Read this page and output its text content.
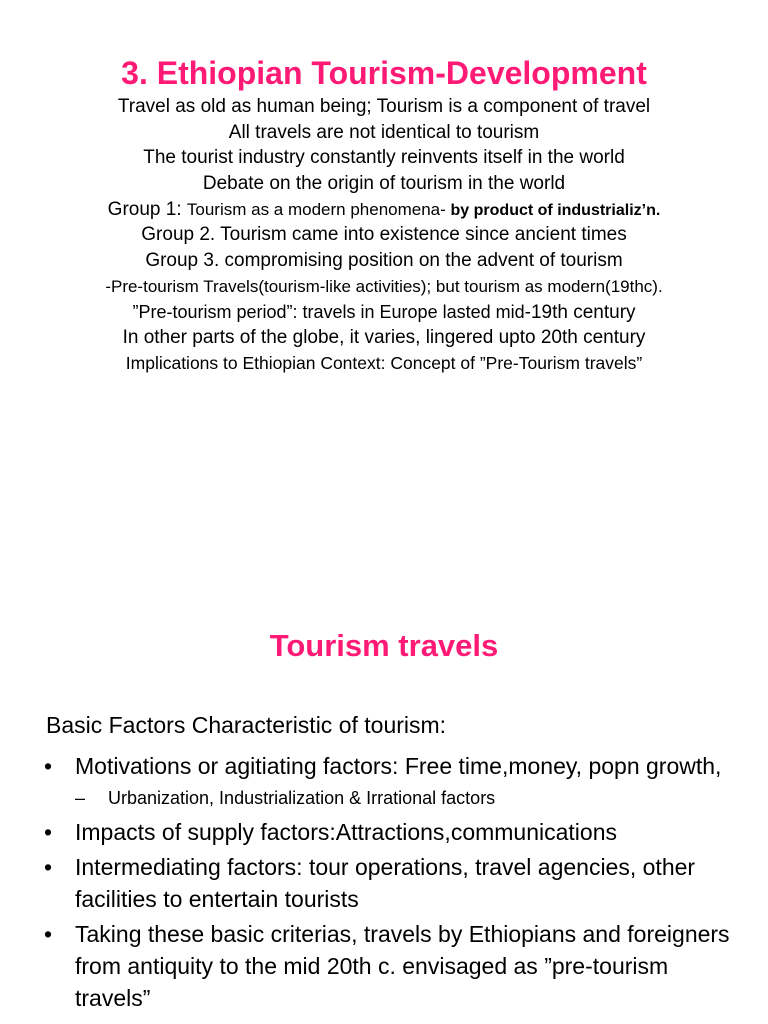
3. Ethiopian Tourism-Development
Travel as old as human being; Tourism is a component of travel
All travels are not identical to tourism
The tourist industry constantly reinvents itself in the world
Debate on the origin of tourism in the world
Group 1: Tourism as a modern phenomena- by product of industrializ’n.
Group 2. Tourism came into existence since ancient times
Group 3. compromising position on the advent of tourism
-Pre-tourism Travels(tourism-like activities); but tourism as modern(19thc).
”Pre-tourism period”: travels in Europe lasted mid-19th century
In other parts of the globe, it varies, lingered upto 20th century
Implications to Ethiopian Context: Concept of ”Pre-Tourism travels”
Tourism travels
Basic Factors Characteristic of tourism:
• Motivations or agitiating factors: Free time,money, popn growth,
– Urbanization, Industrialization & Irrational factors
• Impacts of supply factors:Attractions,communications
• Intermediating factors: tour operations, travel agencies, other facilities to entertain tourists
• Taking these basic criterias, travels by Ethiopians and foreigners from antiquity to the mid 20th c. envisaged as ”pre-tourism travels”
